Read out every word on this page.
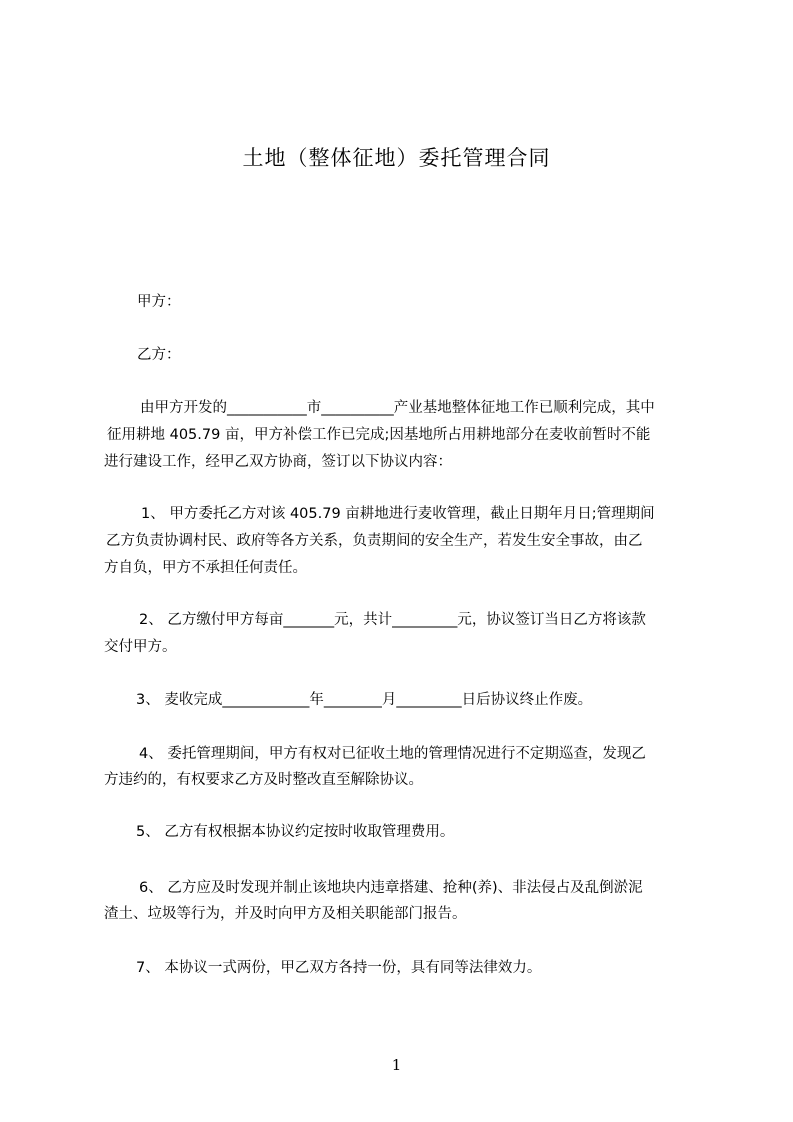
土地（整体征地）委托管理合同

甲方：

乙方：

由甲方开发的___________市__________产业基地整体征地工作已顺利完成，其中

征用耕地 405.79 亩，甲方补偿工作已完成;因基地所占用耕地部分在麦收前暂时不能

进行建设工作，经甲乙双方协商，签订以下协议内容：

1、 甲方委托乙方对该 405.79 亩耕地进行麦收管理，截止日期年月日;管理期间

乙方负责协调村民、政府等各方关系，负责期间的安全生产，若发生安全事故，由乙

方自负，甲方不承担任何责任。

2、 乙方缴付甲方每亩_______元，共计_________元，协议签订当日乙方将该款

交付甲方。

3、 麦收完成____________年________月_________日后协议终止作废。

4、 委托管理期间，甲方有权对已征收土地的管理情况进行不定期巡查，发现乙

方违约的，有权要求乙方及时整改直至解除协议。

5、 乙方有权根据本协议约定按时收取管理费用。

6、 乙方应及时发现并制止该地块内违章搭建、抢种(养)、非法侵占及乱倒淤泥

渣土、垃圾等行为，并及时向甲方及相关职能部门报告。

7、 本协议一式两份，甲乙双方各持一份，具有同等法律效力。

1
